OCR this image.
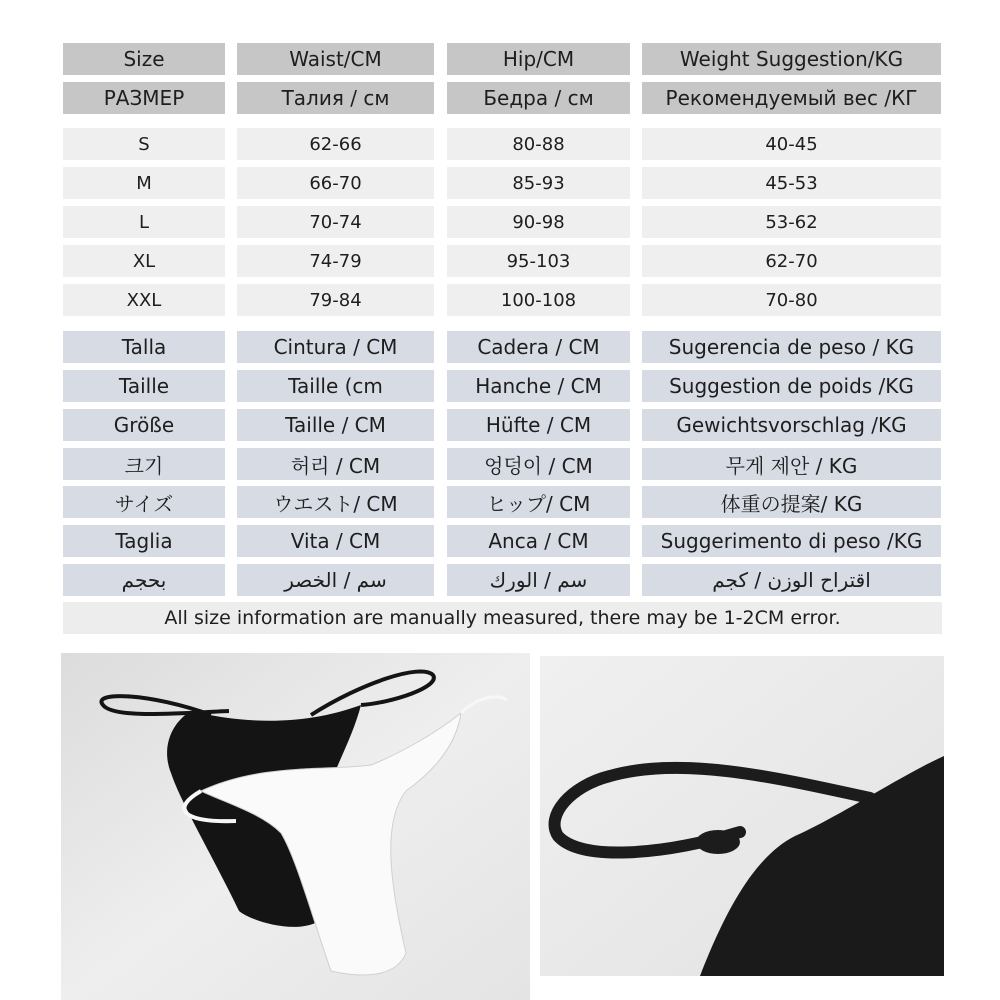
Size	Waist/CM	Hip/CM	Weight Suggestion/KG
РАЗМЕР	Талия / см	Бедра / см	Рекомендуемый вес /КГ
S	62-66	80-88	40-45
M	66-70	85-93	45-53
L	70-74	90-98	53-62
XL	74-79	95-103	62-70
XXL	79-84	100-108	70-80
Talla	Cintura / CM	Cadera / CM	Sugerencia de peso / KG
Taille	Taille (cm	Hanche / CM	Suggestion de poids /KG
Größe	Taille / CM	Hüfte / CM	Gewichtsvorschlag /KG
크기	허리 / CM	엉덩이 / CM	무게 제안 / KG
サイズ	ウエスト/ CM	ヒップ/ CM	体重の提案/ KG
Taglia	Vita / CM	Anca / CM	Suggerimento di peso /KG
بحجم	سم / الخصر	سم / الورك	اقتراح الوزن / كجم
All size information are manually measured, there may be 1-2CM error.
